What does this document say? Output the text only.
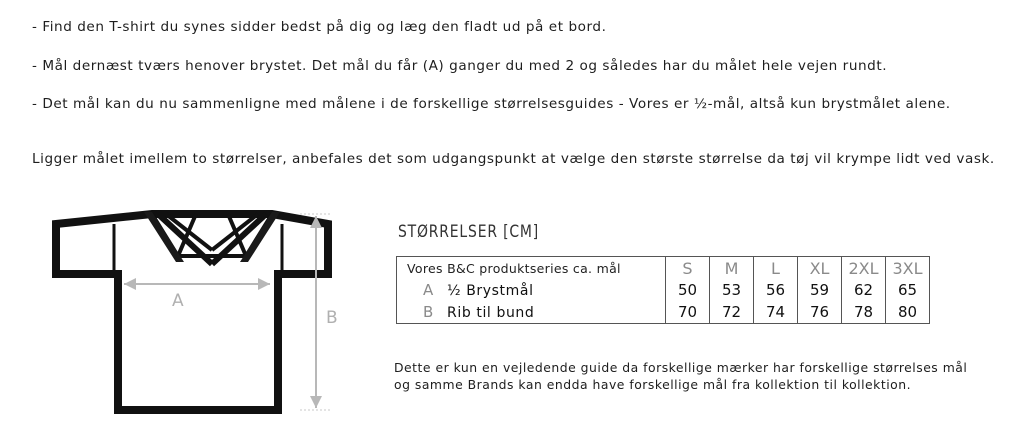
- Find den T-shirt du synes sidder bedst på dig og læg den fladt ud på et bord.
- Mål dernæst tværs henover brystet. Det mål du får (A) ganger du med 2 og således har du målet hele vejen rundt.
- Det mål kan du nu sammenligne med målene i de forskellige størrelsesguides - Vores er ½-mål, altså kun brystmålet alene.
Ligger målet imellem to størrelser, anbefales det som udgangspunkt at vælge den største størrelse da tøj vil krympe lidt ved vask.
A
B
STØRRELSER [CM]
Vores B&C produktseries ca. mål	S	M	L	XL	2XL	3XL
A ½ Brystmål	50	53	56	59	62	65
B Rib til bund	70	72	74	76	78	80
Dette er kun en vejledende guide da forskellige mærker har forskellige størrelses mål
og samme Brands kan endda have forskellige mål fra kollektion til kollektion.
